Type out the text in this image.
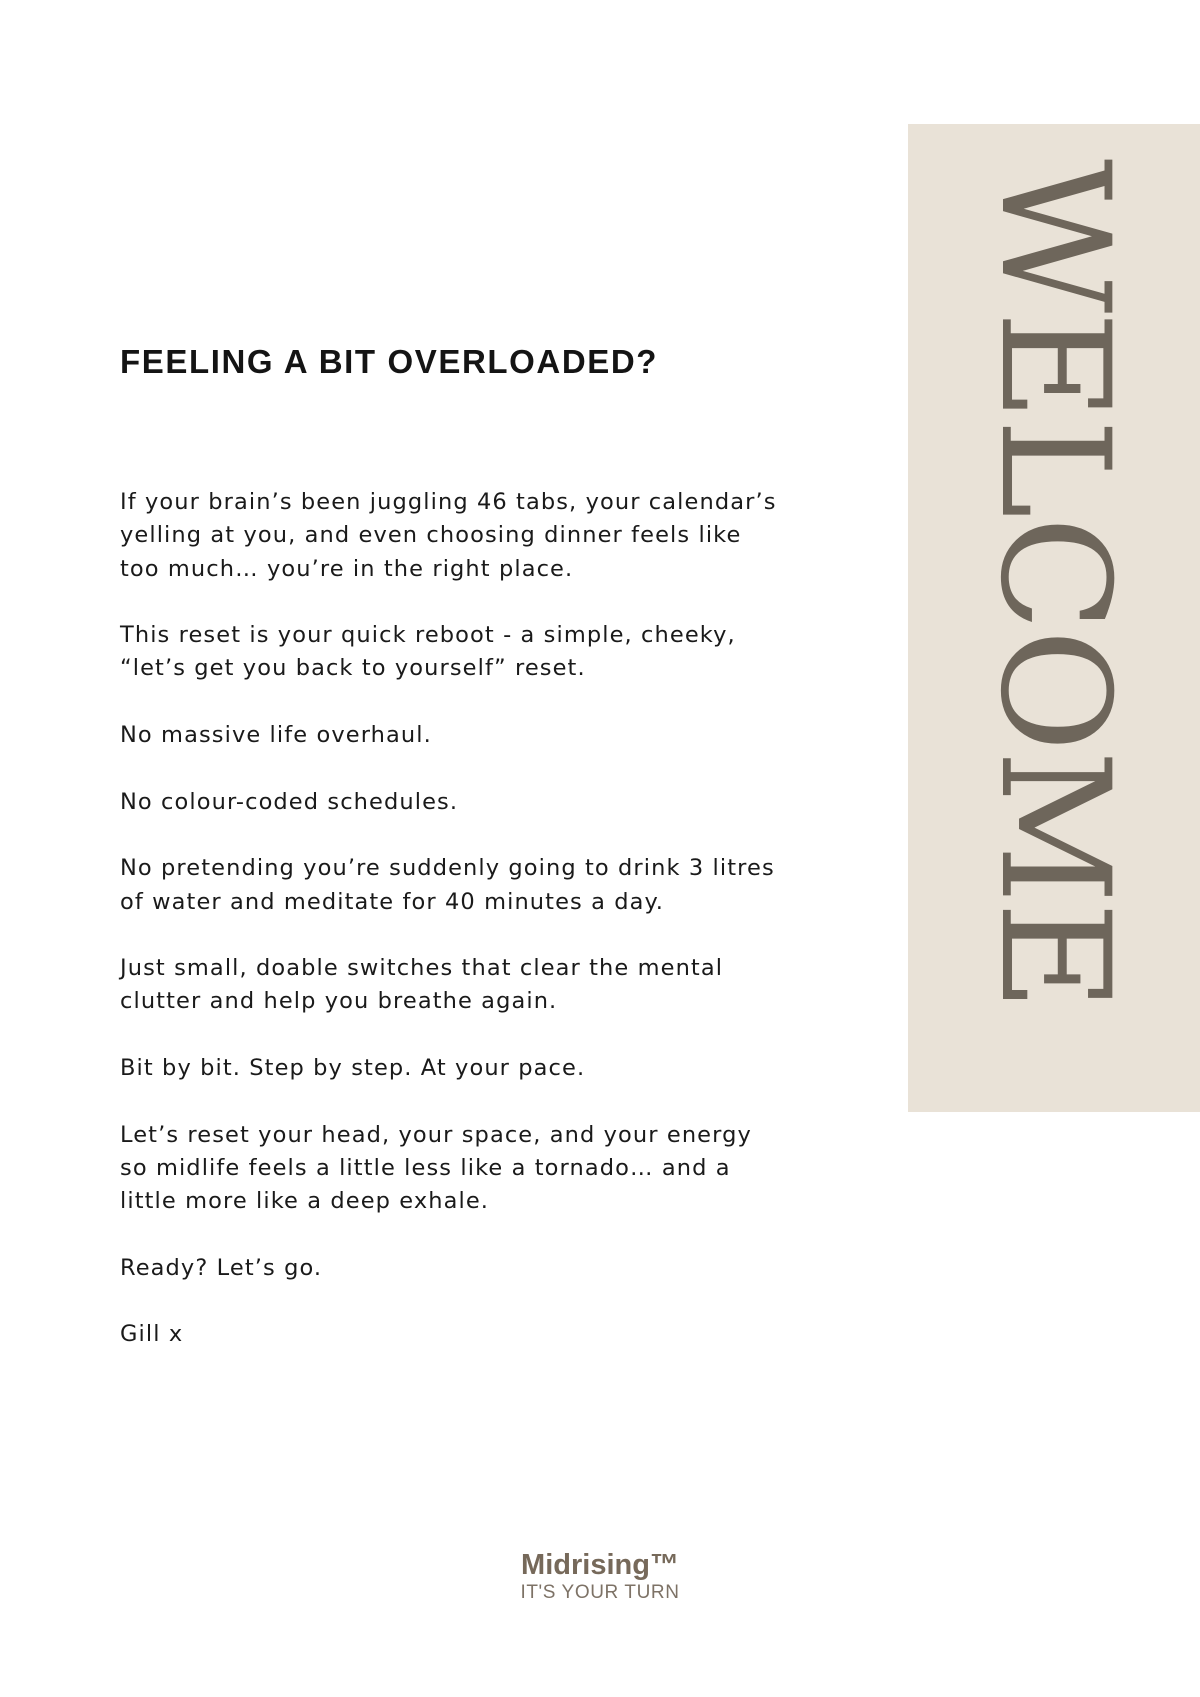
FEELING A BIT OVERLOADED?

If your brain’s been juggling 46 tabs, your calendar’s
yelling at you, and even choosing dinner feels like
too much… you’re in the right place.

This reset is your quick reboot - a simple, cheeky,
“let’s get you back to yourself” reset.

No massive life overhaul.

No colour-coded schedules.

No pretending you’re suddenly going to drink 3 litres
of water and meditate for 40 minutes a day.

Just small, doable switches that clear the mental
clutter and help you breathe again.

Bit by bit. Step by step. At your pace.

Let’s reset your head, your space, and your energy
so midlife feels a little less like a tornado… and a
little more like a deep exhale.

Ready? Let’s go.

Gill x

WELCOME
Midrising™
IT'S YOUR TURN
